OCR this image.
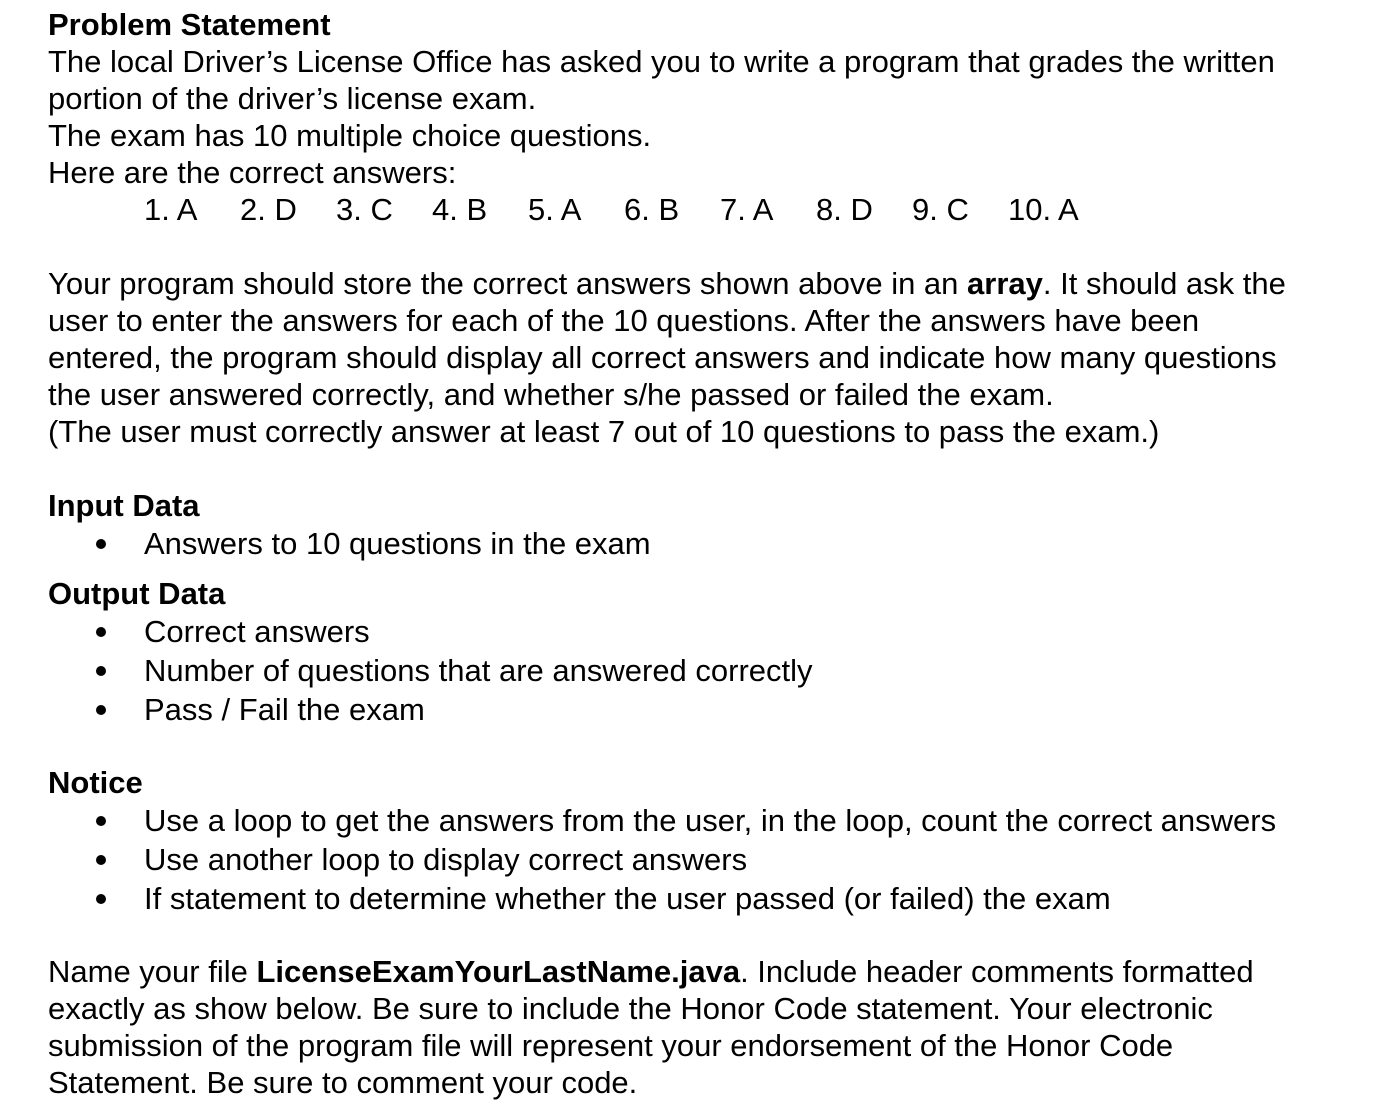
Problem Statement

The local Driver’s License Office has asked you to write a program that grades the written

portion of the driver’s license exam.

The exam has 10 multiple choice questions.

Here are the correct answers:

1. A	2. D	3. C	4. B	5. A	6. B	7. A	8. D	9. C	10. A

Your program should store the correct answers shown above in an array. It should ask the

user to enter the answers for each of the 10 questions. After the answers have been

entered, the program should display all correct answers and indicate how many questions

the user answered correctly, and whether s/he passed or failed the exam.

(The user must correctly answer at least 7 out of 10 questions to pass the exam.)

Input Data

Answers to 10 questions in the exam

Output Data

Correct answers
Number of questions that are answered correctly
Pass / Fail the exam

Notice

Use a loop to get the answers from the user, in the loop, count the correct answers
Use another loop to display correct answers
If statement to determine whether the user passed (or failed) the exam

Name your file LicenseExamYourLastName.java. Include header comments formatted

exactly as show below. Be sure to include the Honor Code statement. Your electronic

submission of the program file will represent your endorsement of the Honor Code

Statement. Be sure to comment your code.
